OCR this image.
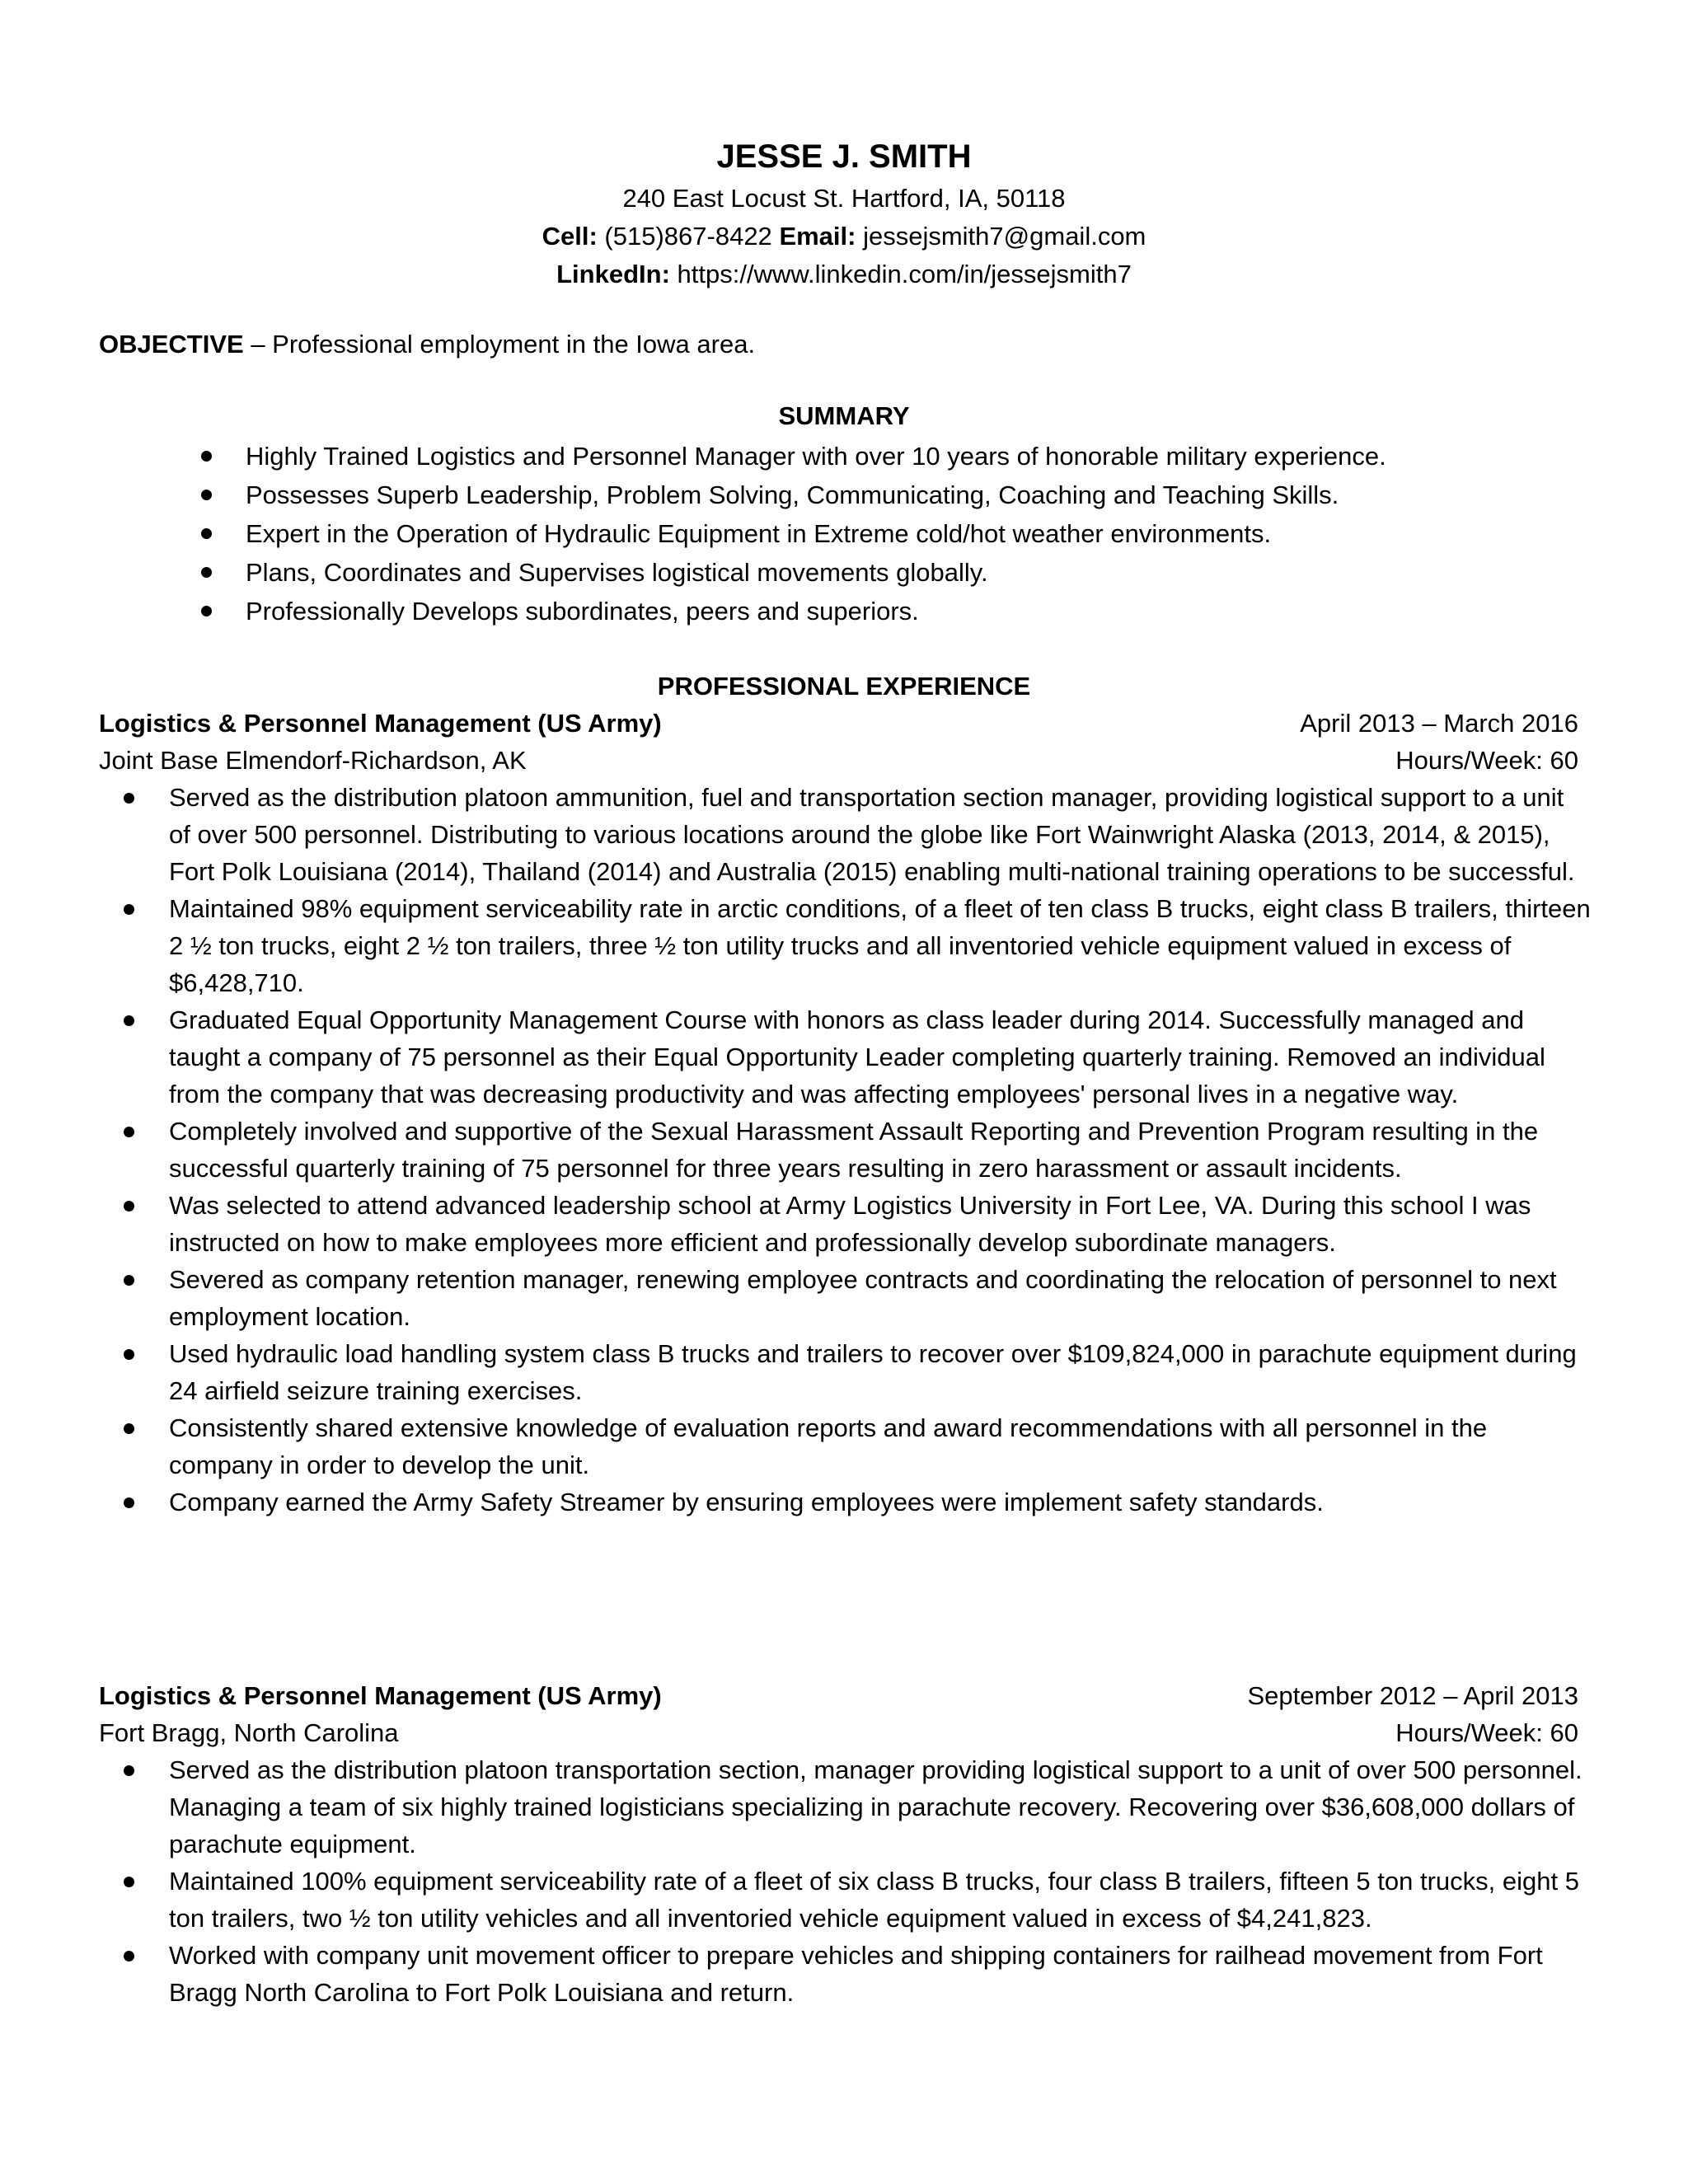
JESSE J. SMITH

240 East Locust St. Hartford, IA, 50118

Cell: (515)867-8422 Email: jessejsmith7@gmail.com

LinkedIn: https://www.linkedin.com/in/jessejsmith7

OBJECTIVE – Professional employment in the Iowa area.
SUMMARY
Highly Trained Logistics and Personnel Manager with over 10 years of honorable military experience.
Possesses Superb Leadership, Problem Solving, Communicating, Coaching and Teaching Skills.
Expert in the Operation of Hydraulic Equipment in Extreme cold/hot weather environments.
Plans, Coordinates and Supervises logistical movements globally.
Professionally Develops subordinates, peers and superiors.
PROFESSIONAL EXPERIENCE
Logistics & Personnel Management (US Army)	April 2013 – March 2016
Joint Base Elmendorf-Richardson, AK	Hours/Week: 60
Served as the distribution platoon ammunition, fuel and transportation section manager, providing logistical support to a unit of over 500 personnel. Distributing to various locations around the globe like Fort Wainwright Alaska (2013, 2014, & 2015), Fort Polk Louisiana (2014), Thailand (2014) and Australia (2015) enabling multi-national training operations to be successful.
Maintained 98% equipment serviceability rate in arctic conditions, of a fleet of ten class B trucks, eight class B trailers, thirteen 2 ½ ton trucks, eight 2 ½ ton trailers, three ½ ton utility trucks and all inventoried vehicle equipment valued in excess of $6,428,710.
Graduated Equal Opportunity Management Course with honors as class leader during 2014. Successfully managed and taught a company of 75 personnel as their Equal Opportunity Leader completing quarterly training. Removed an individual from the company that was decreasing productivity and was affecting employees' personal lives in a negative way.
Completely involved and supportive of the Sexual Harassment Assault Reporting and Prevention Program resulting in the successful quarterly training of 75 personnel for three years resulting in zero harassment or assault incidents.
Was selected to attend advanced leadership school at Army Logistics University in Fort Lee, VA. During this school I was instructed on how to make employees more efficient and professionally develop subordinate managers.
Severed as company retention manager, renewing employee contracts and coordinating the relocation of personnel to next employment location.
Used hydraulic load handling system class B trucks and trailers to recover over $109,824,000 in parachute equipment during 24 airfield seizure training exercises.
Consistently shared extensive knowledge of evaluation reports and award recommendations with all personnel in the company in order to develop the unit.
Company earned the Army Safety Streamer by ensuring employees were implement safety standards.
Logistics & Personnel Management (US Army)	September 2012 – April 2013
Fort Bragg, North Carolina	Hours/Week: 60
Served as the distribution platoon transportation section, manager providing logistical support to a unit of over 500 personnel. Managing a team of six highly trained logisticians specializing in parachute recovery. Recovering over $36,608,000 dollars of parachute equipment.
Maintained 100% equipment serviceability rate of a fleet of six class B trucks, four class B trailers, fifteen 5 ton trucks, eight 5 ton trailers, two ½ ton utility vehicles and all inventoried vehicle equipment valued in excess of $4,241,823.
Worked with company unit movement officer to prepare vehicles and shipping containers for railhead movement from Fort Bragg North Carolina to Fort Polk Louisiana and return.
